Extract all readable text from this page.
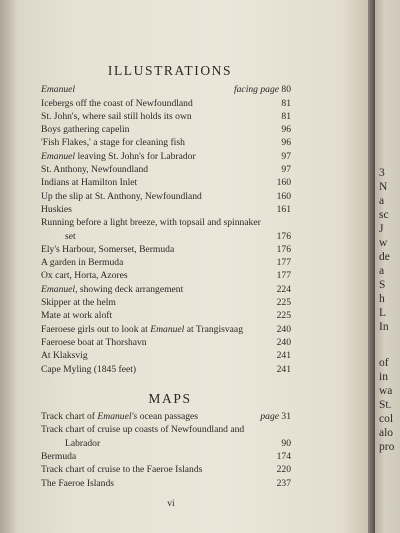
ILLUSTRATIONS
Emanuel	facing page 80
Icebergs off the coast of Newfoundland	81
St. John's, where sail still holds its own	81
Boys gathering capelin	96
'Fish Flakes,' a stage for cleaning fish	96
Emanuel leaving St. John's for Labrador	97
St. Anthony, Newfoundland	97
Indians at Hamilton Inlet	160
Up the slip at St. Anthony, Newfoundland	160
Huskies	161
Running before a light breeze, with topsail and spinnaker
set	176
Ely's Harbour, Somerset, Bermuda	176
A garden in Bermuda	177
Ox cart, Horta, Azores	177
Emanuel, showing deck arrangement	224
Skipper at the helm	225
Mate at work aloft	225
Faeroese girls out to look at Emanuel at Trangisvaag	240
Faeroese boat at Thorshavn	240
At Klaksvig	241
Cape Myling (1845 feet)	241
MAPS
Track chart of Emanuel's ocean passages	page 31
Track chart of cruise up coasts of Newfoundland and
Labrador	90
Bermuda	174
Track chart of cruise to the Faeroe Islands	220
The Faeroe Islands	237
vi
3
N
a
sc
J
w
de
a
S
h
L
In
of
in
wa
St.
col
alo
pro
